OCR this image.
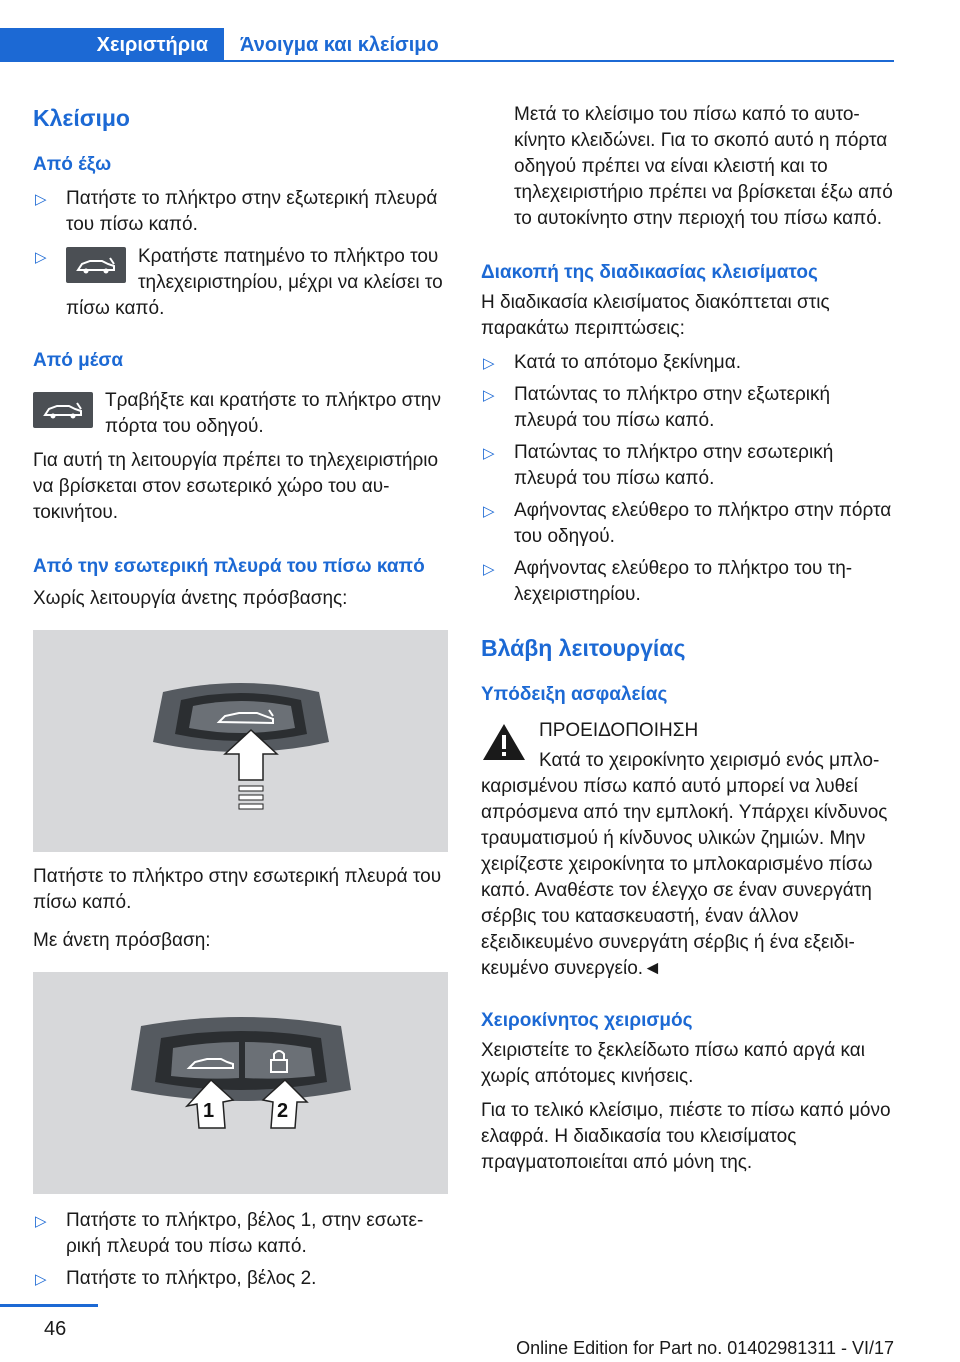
Χειριστήρια	Άνοιγμα και κλείσιμο
Κλείσιμο
Από έξω
▷ Πατήστε το πλήκτρο στην εξωτερική πλευρά του πίσω καπό.
▷	Κρατήστε πατημένο το πλήκτρο του τηλεχειριστηρίου, μέχρι να κλείσει το πίσω καπό.
Από μέσα

Τραβήξτε και κρατήστε το πλήκτρο στην πόρτα του οδηγού.

Για αυτή τη λειτουργία πρέπει το τηλεχειριστήριο να βρίσκεται στον εσωτερικό χώρο του αυτοκινήτου.

Από την εσωτερική πλευρά του πίσω καπό

Χωρίς λειτουργία άνετης πρόσβασης:

Πατήστε το πλήκτρο στην εσωτερική πλευρά του πίσω καπό.

Με άνετη πρόσβαση:

1	2
▷ Πατήστε το πλήκτρο, βέλος 1, στην εσωτερική πλευρά του πίσω καπό.
▷ Πατήστε το πλήκτρο, βέλος 2.

Μετά το κλείσιμο του πίσω καπό το αυτοκίνητο κλειδώνει. Για το σκοπό αυτό η πόρτα οδηγού πρέπει να είναι κλειστή και το τηλεχειριστήριο πρέπει να βρίσκεται έξω από το αυτοκίνητο στην περιοχή του πίσω καπό.

Διακοπή της διαδικασίας κλεισίματος

Η διαδικασία κλεισίματος διακόπτεται στις παρακάτω περιπτώσεις:

▷ Κατά το απότομο ξεκίνημα.
▷ Πατώντας το πλήκτρο στην εξωτερική πλευρά του πίσω καπό.
▷ Πατώντας το πλήκτρο στην εσωτερική πλευρά του πίσω καπό.
▷ Αφήνοντας ελεύθερο το πλήκτρο στην πόρτα του οδηγού.
▷ Αφήνοντας ελεύθερο το πλήκτρο του τηλεχειριστηρίου.
Βλάβη λειτουργίας
Υπόδειξη ασφαλείας

ΠΡΟΕΙΔΟΠΟΙΗΣΗ

Κατά το χειροκίνητο χειρισμό ενός μπλοκαρισμένου πίσω καπό αυτό μπορεί να λυθεί απρόσμενα από την εμπλοκή. Υπάρχει κίνδυνος τραυματισμού ή κίνδυνος υλικών ζημιών. Μην χειρίζεστε χειροκίνητα το μπλοκαρισμένο πίσω καπό. Αναθέστε τον έλεγχο σε έναν συνεργάτη σέρβις του κατασκευαστή, έναν άλλον εξειδικευμένο συνεργάτη σέρβις ή ένα εξειδικευμένο συνεργείο.◄

Χειροκίνητος χειρισμός

Χειριστείτε το ξεκλείδωτο πίσω καπό αργά και χωρίς απότομες κινήσεις.

Για το τελικό κλείσιμο, πιέστε το πίσω καπό μόνο ελαφρά. Η διαδικασία του κλεισίματος πραγματοποιείται από μόνη της.

46
Online Edition for Part no. 01402981311 - VI/17
